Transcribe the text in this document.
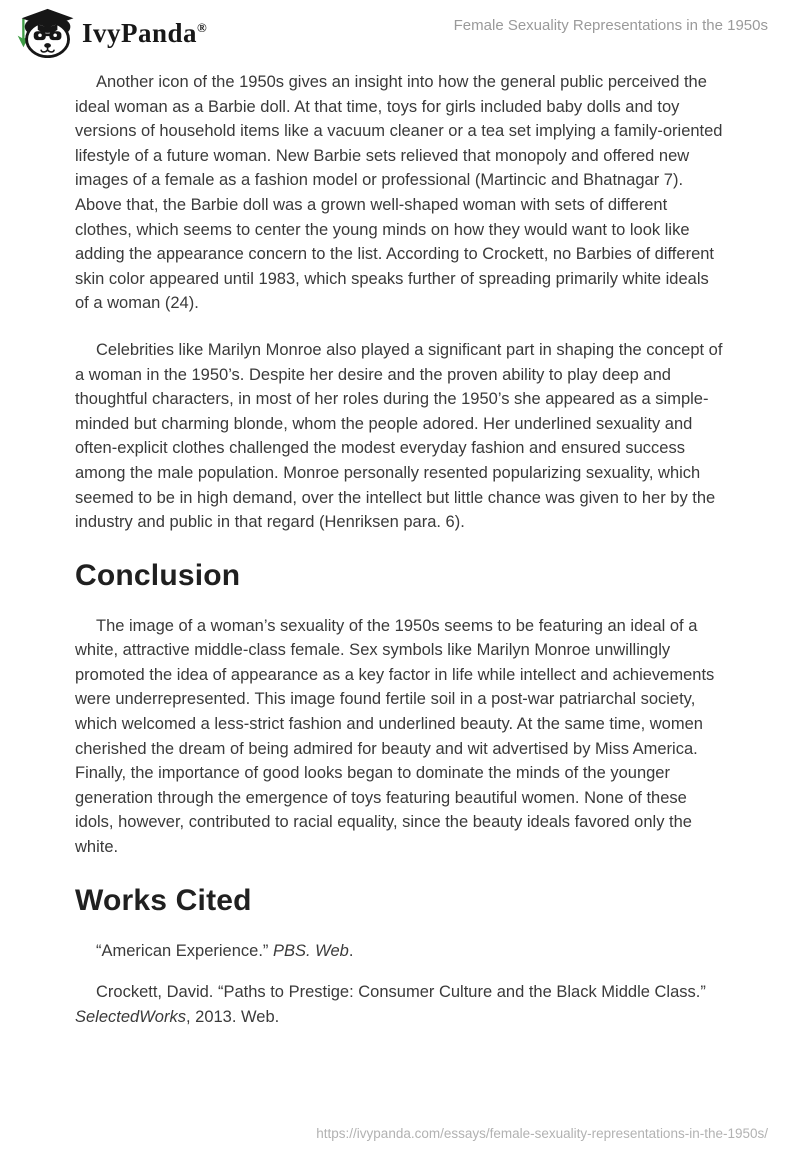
IvyPanda®	Female Sexuality Representations in the 1950s

Another icon of the 1950s gives an insight into how the general public perceived the ideal woman as a Barbie doll. At that time, toys for girls included baby dolls and toy versions of household items like a vacuum cleaner or a tea set implying a family-oriented lifestyle of a future woman. New Barbie sets relieved that monopoly and offered new images of a female as a fashion model or professional (Martincic and Bhatnagar 7). Above that, the Barbie doll was a grown well-shaped woman with sets of different clothes, which seems to center the young minds on how they would want to look like adding the appearance concern to the list. According to Crockett, no Barbies of different skin color appeared until 1983, which speaks further of spreading primarily white ideals of a woman (24).

Celebrities like Marilyn Monroe also played a significant part in shaping the concept of a woman in the 1950’s. Despite her desire and the proven ability to play deep and thoughtful characters, in most of her roles during the 1950’s she appeared as a simple-minded but charming blonde, whom the people adored. Her underlined sexuality and often-explicit clothes challenged the modest everyday fashion and ensured success among the male population. Monroe personally resented popularizing sexuality, which seemed to be in high demand, over the intellect but little chance was given to her by the industry and public in that regard (Henriksen para. 6).

Conclusion

The image of a woman’s sexuality of the 1950s seems to be featuring an ideal of a white, attractive middle-class female. Sex symbols like Marilyn Monroe unwillingly promoted the idea of appearance as a key factor in life while intellect and achievements were underrepresented. This image found fertile soil in a post-war patriarchal society, which welcomed a less-strict fashion and underlined beauty. At the same time, women cherished the dream of being admired for beauty and wit advertised by Miss America. Finally, the importance of good looks began to dominate the minds of the younger generation through the emergence of toys featuring beautiful women. None of these idols, however, contributed to racial equality, since the beauty ideals favored only the white.

Works Cited

“American Experience.” PBS. Web.

Crockett, David. “Paths to Prestige: Consumer Culture and the Black Middle Class.” SelectedWorks, 2013. Web.

https://ivypanda.com/essays/female-sexuality-representations-in-the-1950s/
